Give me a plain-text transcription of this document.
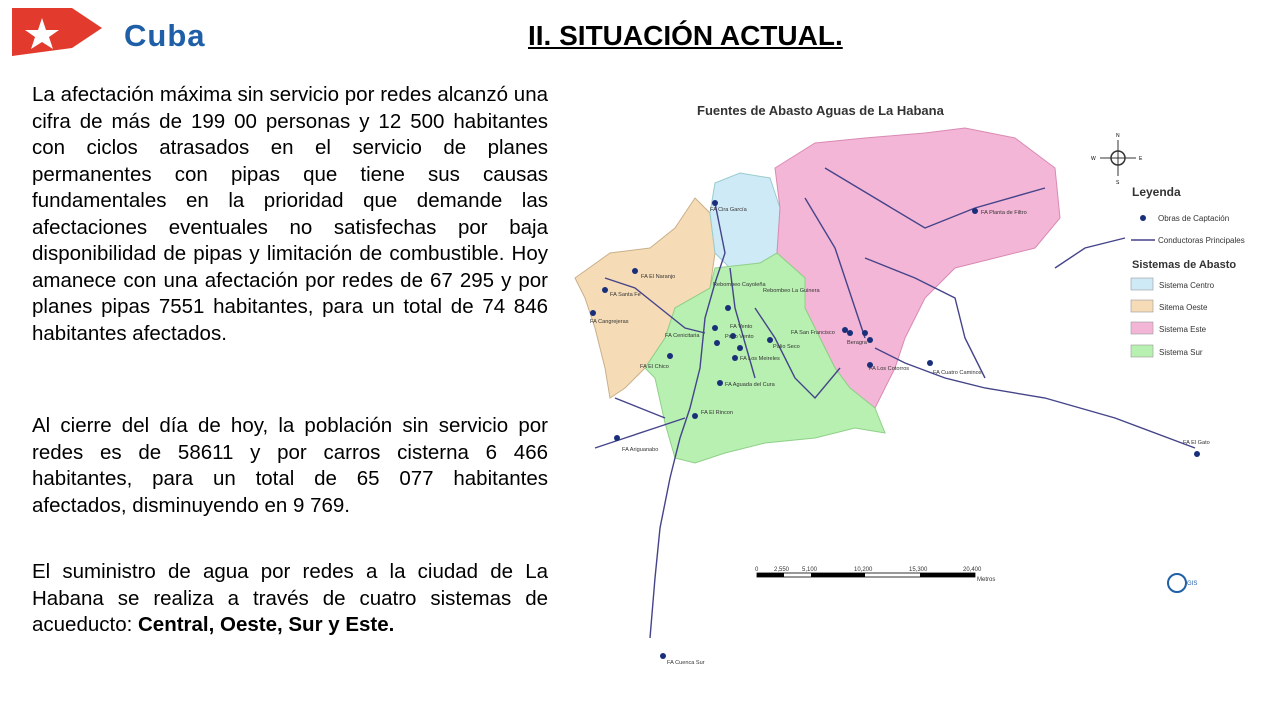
Cuba	II. SITUACIÓN ACTUAL.
La afectación máxima sin servicio por redes alcanzó una cifra de más de 199 00 personas y 12 500 habitantes con ciclos atrasados en el servicio de planes permanentes con pipas que tiene sus causas fundamentales en la prioridad que demande las afectaciones eventuales no satisfechas por baja disponibilidad de pipas y limitación de combustible. Hoy amanece con una afectación por redes de 67 295 y por planes pipas 7551 habitantes, para un total de 74 846 habitantes afectados.
Al cierre del día de hoy, la población sin servicio por redes es de 58611 y por carros cisterna 6 466 habitantes, para un total de 65 077 habitantes afectados, disminuyendo en 9 769.
El suministro de agua por redes a la ciudad de La Habana se realiza a través de cuatro sistemas de acueducto: Central, Oeste, Sur y Este.
Fuentes de Abasto Aguas de La Habana
FA Cira García
FA El Naranjo
FA Santa Fe
FA Cangrejeras
Rebombeo Cayoleña
Rebombeo La Guinera
FA Cenicitaria
FA Vento
Pozo Vento
Palio Seco
FA San Francisco
Beragra
FA El Chico
FA Los Meireles
FA Los Cotorros
FA Cuatro Caminos
FA Aguada del Cura
FA El Rincon
FA Ariguanabo
FA El Gato
FA Planta de Filtro
FA Cuenca Sur
N
S
E
W
Leyenda
Obras de Captación
Conductoras Principales
Sistemas de Abasto
Sistema Centro
Sitema Oeste
Sistema Este
Sistema Sur
0	2,550 5,100	10,200	15,300	20,400
Metros
GIS
